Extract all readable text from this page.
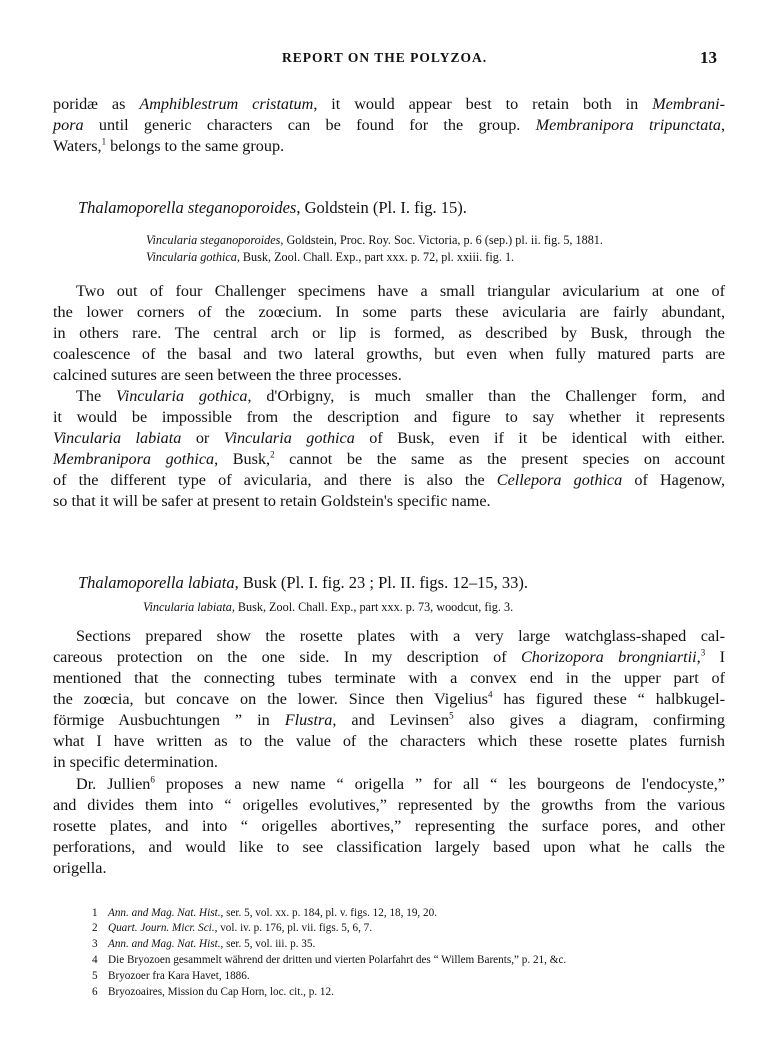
REPORT ON THE POLYZOA.	13
poridæ as Amphiblestrum cristatum, it would appear best to retain both in Membrani-
pora until generic characters can be found for the group. Membranipora tripunctata,
Waters,$^1$ belongs to the same group.
Thalamoporella steganoporoides, Goldstein (Pl. I. fig. 15).
Vincularia steganoporoides, Goldstein, Proc. Roy. Soc. Victoria, p. 6 (sep.) pl. ii. fig. 5, 1881.
Vincularia gothica, Busk, Zool. Chall. Exp., part xxx. p. 72, pl. xxiii. fig. 1.
Two out of four Challenger specimens have a small triangular avicularium at one of
the lower corners of the zoœcium. In some parts these avicularia are fairly abundant,
in others rare. The central arch or lip is formed, as described by Busk, through the
coalescence of the basal and two lateral growths, but even when fully matured parts are
calcined sutures are seen between the three processes.
The Vincularia gothica, d'Orbigny, is much smaller than the Challenger form, and
it would be impossible from the description and figure to say whether it represents
Vincularia labiata or Vincularia gothica of Busk, even if it be identical with either.
Membranipora gothica, Busk,$^2$ cannot be the same as the present species on account
of the different type of avicularia, and there is also the Cellepora gothica of Hagenow,
so that it will be safer at present to retain Goldstein's specific name.
Thalamoporella labiata, Busk (Pl. I. fig. 23 ; Pl. II. figs. 12–15, 33).
Vincularia labiata, Busk, Zool. Chall. Exp., part xxx. p. 73, woodcut, fig. 3.
Sections prepared show the rosette plates with a very large watchglass-shaped cal-
careous protection on the one side. In my description of Chorizopora brongniartii,$^3$ I
mentioned that the connecting tubes terminate with a convex end in the upper part of
the zoœcia, but concave on the lower. Since then Vigelius$^4$ has figured these “ halbkugel-
förmige Ausbuchtungen ” in Flustra, and Levinsen$^5$ also gives a diagram, confirming
what I have written as to the value of the characters which these rosette plates furnish
in specific determination.
Dr. Jullien$^6$ proposes a new name “ origella ” for all “ les bourgeons de l'endocyste,”
and divides them into “ origelles evolutives,” represented by the growths from the various
rosette plates, and into “ origelles abortives,” representing the surface pores, and other
perforations, and would like to see classification largely based upon what he calls the
origella.
1 Ann. and Mag. Nat. Hist., ser. 5, vol. xx. p. 184, pl. v. figs. 12, 18, 19, 20.
2 Quart. Journ. Micr. Sci., vol. iv. p. 176, pl. vii. figs. 5, 6, 7.
3 Ann. and Mag. Nat. Hist., ser. 5, vol. iii. p. 35.
4 Die Bryozoen gesammelt während der dritten und vierten Polarfahrt des “ Willem Barents,” p. 21, &c.
5 Bryozoer fra Kara Havet, 1886.
6 Bryozoaires, Mission du Cap Horn, loc. cit., p. 12.
